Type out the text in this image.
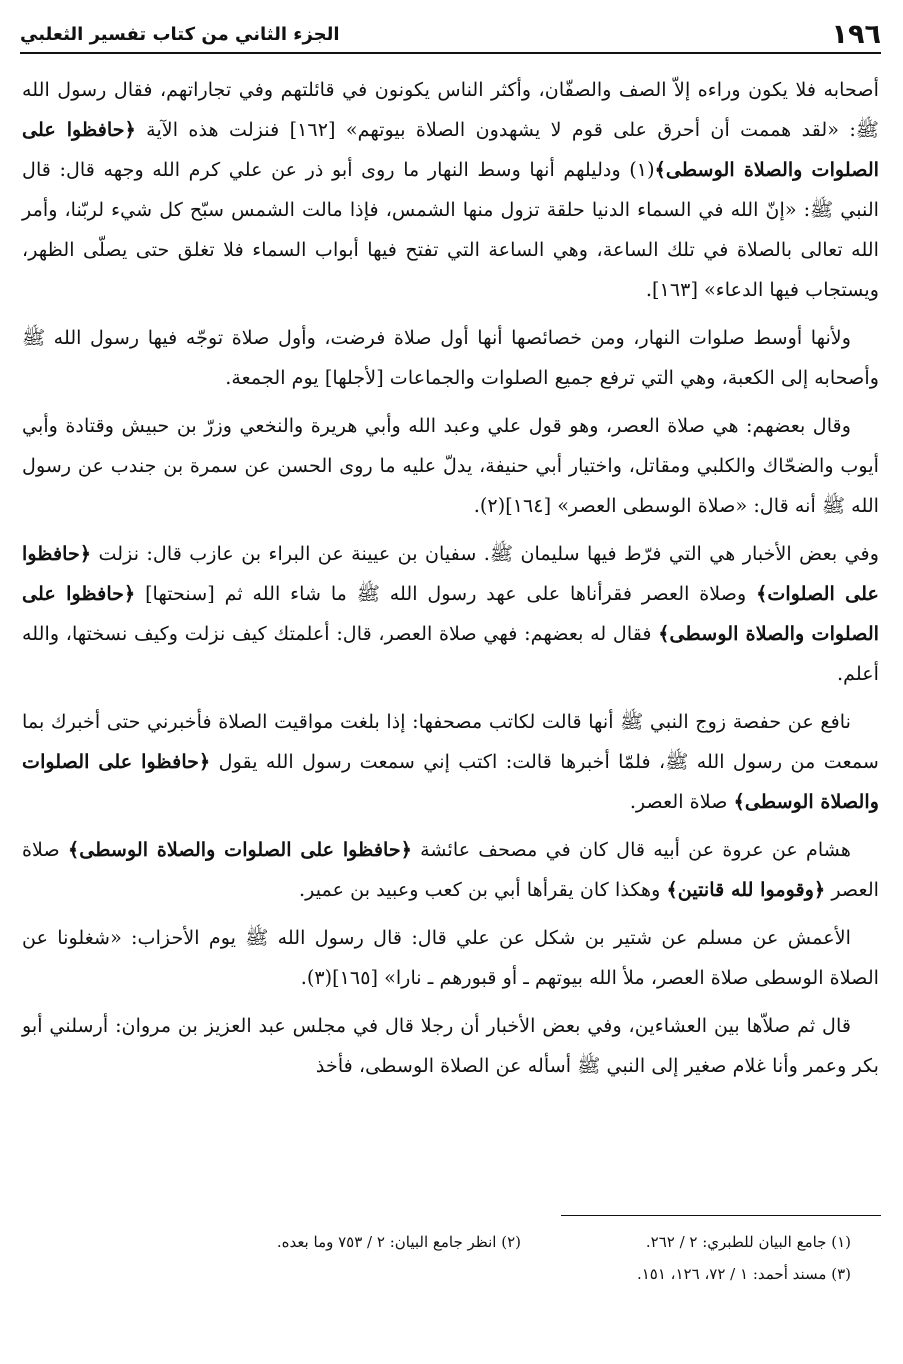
١٩٦
الجزء الثاني من كتاب تفسير الثعلبي

أصحابه فلا يكون وراءه إلاّ الصف والصفّان، وأكثر الناس يكونون في قائلتهم وفي تجاراتهم، فقال رسول الله ﷺ: «لقد هممت أن أحرق على قوم لا يشهدون الصلاة بيوتهم» [١٦٢] فنزلت هذه الآية ﴿حافظوا على الصلوات والصلاة الوسطى﴾(١) ودليلهم أنها وسط النهار ما روى أبو ذر عن علي كرم الله وجهه قال: قال النبي ﷺ: «إنّ الله في السماء الدنيا حلقة تزول منها الشمس، فإذا مالت الشمس سبّح كل شيء لربّنا، وأمر الله تعالى بالصلاة في تلك الساعة، وهي الساعة التي تفتح فيها أبواب السماء فلا تغلق حتى يصلّى الظهر، ويستجاب فيها الدعاء» [١٦٣].

ولأنها أوسط صلوات النهار، ومن خصائصها أنها أول صلاة فرضت، وأول صلاة توجّه فيها رسول الله ﷺ وأصحابه إلى الكعبة، وهي التي ترفع جميع الصلوات والجماعات [لأجلها] يوم الجمعة.

وقال بعضهم: هي صلاة العصر، وهو قول علي وعبد الله وأبي هريرة والنخعي وزرّ بن حبيش وقتادة وأبي أيوب والضحّاك والكلبي ومقاتل، واختيار أبي حنيفة، يدلّ عليه ما روى الحسن عن سمرة بن جندب عن رسول الله ﷺ أنه قال: «صلاة الوسطى العصر» [١٦٤](٢).

وفي بعض الأخبار هي التي فرّط فيها سليمان ﷺ. سفيان بن عيينة عن البراء بن عازب قال: نزلت ﴿حافظوا على الصلوات﴾ وصلاة العصر فقرأناها على عهد رسول الله ﷺ ما شاء الله ثم [سنحتها] ﴿حافظوا على الصلوات والصلاة الوسطى﴾ فقال له بعضهم: فهي صلاة العصر، قال: أعلمتك كيف نزلت وكيف نسختها، والله أعلم.

نافع عن حفصة زوج النبي ﷺ أنها قالت لكاتب مصحفها: إذا بلغت مواقيت الصلاة فأخبرني حتى أخبرك بما سمعت من رسول الله ﷺ، فلمّا أخبرها قالت: اكتب إني سمعت رسول الله يقول ﴿حافظوا على الصلوات والصلاة الوسطى﴾ صلاة العصر.

هشام عن عروة عن أبيه قال كان في مصحف عائشة ﴿حافظوا على الصلوات والصلاة الوسطى﴾ صلاة العصر ﴿وقوموا لله قانتين﴾ وهكذا كان يقرأها أبي بن كعب وعبيد بن عمير.

الأعمش عن مسلم عن شتير بن شكل عن علي قال: قال رسول الله ﷺ يوم الأحزاب: «شغلونا عن الصلاة الوسطى صلاة العصر، ملأ الله بيوتهم ـ أو قبورهم ـ نارا» [١٦٥](٣).

قال ثم صلاّها بين العشاءين، وفي بعض الأخبار أن رجلا قال في مجلس عبد العزيز بن مروان: أرسلني أبو بكر وعمر وأنا غلام صغير إلى النبي ﷺ أسأله عن الصلاة الوسطى، فأخذ

(١) جامع البيان للطبري: ٢ / ٢٦٢.
(٢) انظر جامع البيان: ٢ / ٧٥٣ وما بعده.
(٣) مسند أحمد: ١ / ٧٢، ١٢٦، ١٥١.
